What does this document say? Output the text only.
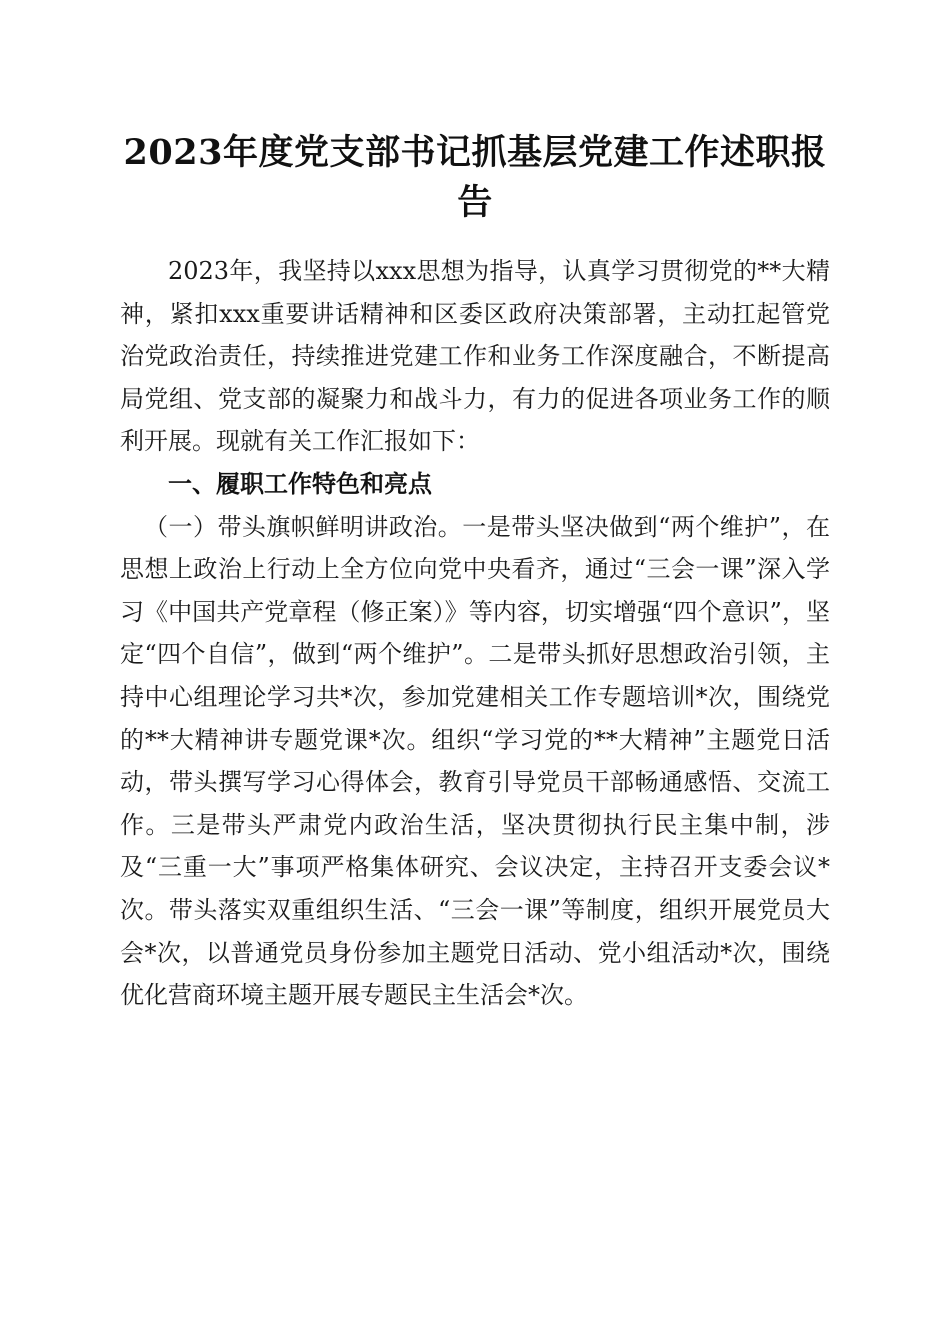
2023年度党支部书记抓基层党建工作述职报告

2023年，我坚持以xxx思想为指导，认真学习贯彻党的**大精神，紧扣xxx重要讲话精神和区委区政府决策部署，主动扛起管党治党政治责任，持续推进党建工作和业务工作深度融合，不断提高局党组、党支部的凝聚力和战斗力，有力的促进各项业务工作的顺利开展。现就有关工作汇报如下：

一、履职工作特色和亮点

（一）带头旗帜鲜明讲政治。一是带头坚决做到“两个维护”，在思想上政治上行动上全方位向党中央看齐，通过“三会一课”深入学习《中国共产党章程（修正案）》等内容，切实增强“四个意识”，坚定“四个自信”，做到“两个维护”。二是带头抓好思想政治引领，主持中心组理论学习共*次，参加党建相关工作专题培训*次，围绕党的**大精神讲专题党课*次。组织“学习党的**大精神”主题党日活动，带头撰写学习心得体会，教育引导党员干部畅通感悟、交流工作。三是带头严肃党内政治生活，坚决贯彻执行民主集中制，涉及“三重一大”事项严格集体研究、会议决定，主持召开支委会议*次。带头落实双重组织生活、“三会一课”等制度，组织开展党员大会*次，以普通党员身份参加主题党日活动、党小组活动*次，围绕优化营商环境主题开展专题民主生活会*次。
